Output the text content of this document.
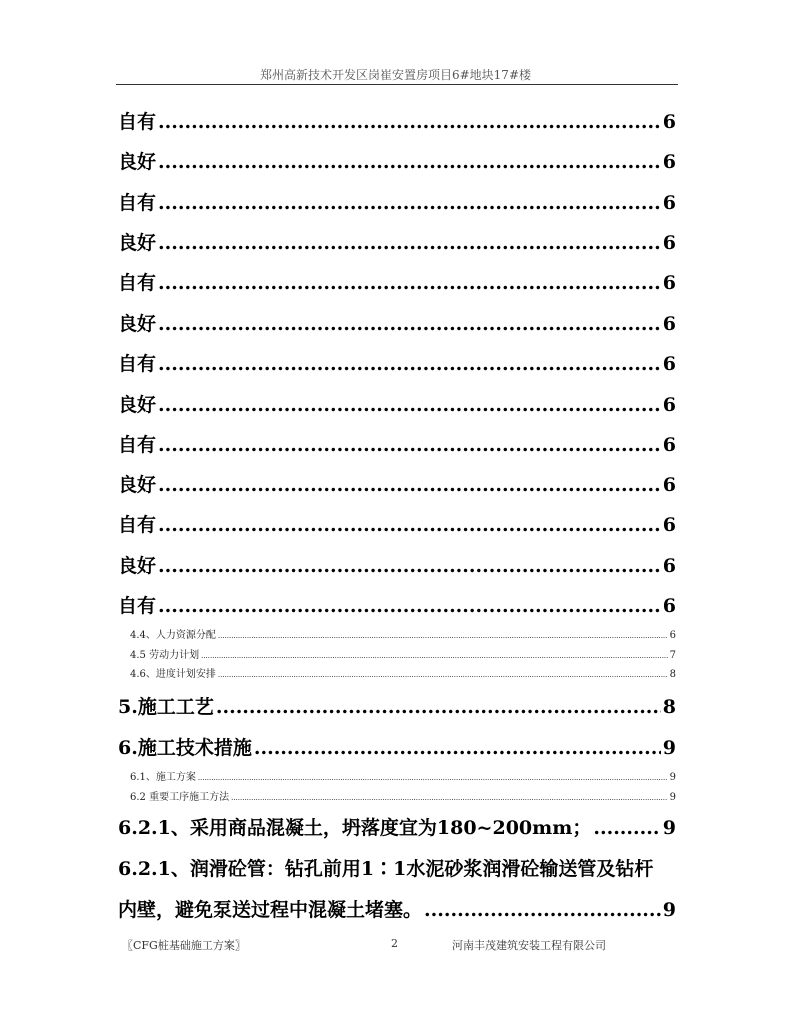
郑州高新技术开发区岗崔安置房项目6#地块17#楼
自有 .....	6
良好 .....	6
自有 .....	6
良好 .....	6
自有 .....	6
良好 .....	6
自有 .....	6
良好 .....	6
自有 .....	6
良好 .....	6
自有 .....	6
良好 .....	6
自有 .....	6
4.4、人力资源分配 .....	6
4.5 劳动力计划 .....	7
4.6、进度计划安排 .....	8
5.施工工艺 .....	8
6.施工技术措施 .....	9
6.1、施工方案 .....	9
6.2 重要工序施工方法 .....	9
6.2.1、采用商品混凝土，坍落度宜为180~200mm； .....	9
6.2.1、润滑砼管：钻孔前用1∶1水泥砂浆润滑砼输送管及钻杆
内壁，避免泵送过程中混凝土堵塞。 .....	9
〖CFG桩基础施工方案〗	2	河南丰茂建筑安装工程有限公司
